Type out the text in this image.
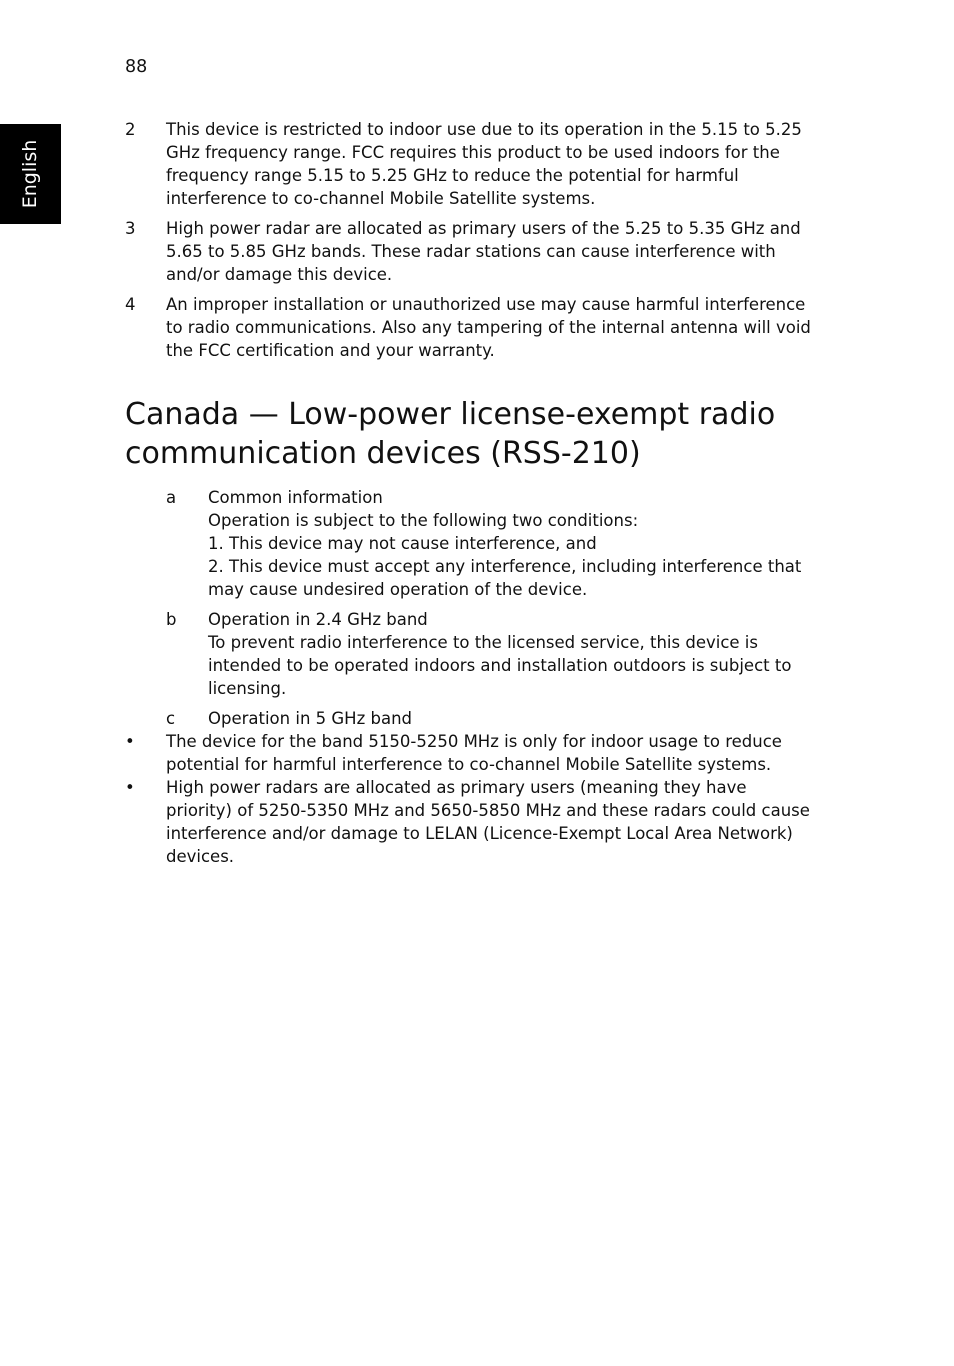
88
English
2 This device is restricted to indoor use due to its operation in the 5.15 to 5.25 GHz frequency range. FCC requires this product to be used indoors for the frequency range 5.15 to 5.25 GHz to reduce the potential for harmful interference to co-channel Mobile Satellite systems.
3 High power radar are allocated as primary users of the 5.25 to 5.35 GHz and 5.65 to 5.85 GHz bands. These radar stations can cause interference with and/or damage this device.
4 An improper installation or unauthorized use may cause harmful interference to radio communications. Also any tampering of the internal antenna will void the FCC certification and your warranty.
Canada — Low-power license-exempt radio communication devices (RSS-210)
a Common information
Operation is subject to the following two conditions:
1. This device may not cause interference, and
2. This device must accept any interference, including interference that may cause undesired operation of the device.
b Operation in 2.4 GHz band
To prevent radio interference to the licensed service, this device is intended to be operated indoors and installation outdoors is subject to licensing.
c Operation in 5 GHz band
• The device for the band 5150-5250 MHz is only for indoor usage to reduce potential for harmful interference to co-channel Mobile Satellite systems.
• High power radars are allocated as primary users (meaning they have priority) of 5250-5350 MHz and 5650-5850 MHz and these radars could cause interference and/or damage to LELAN (Licence-Exempt Local Area Network) devices.
